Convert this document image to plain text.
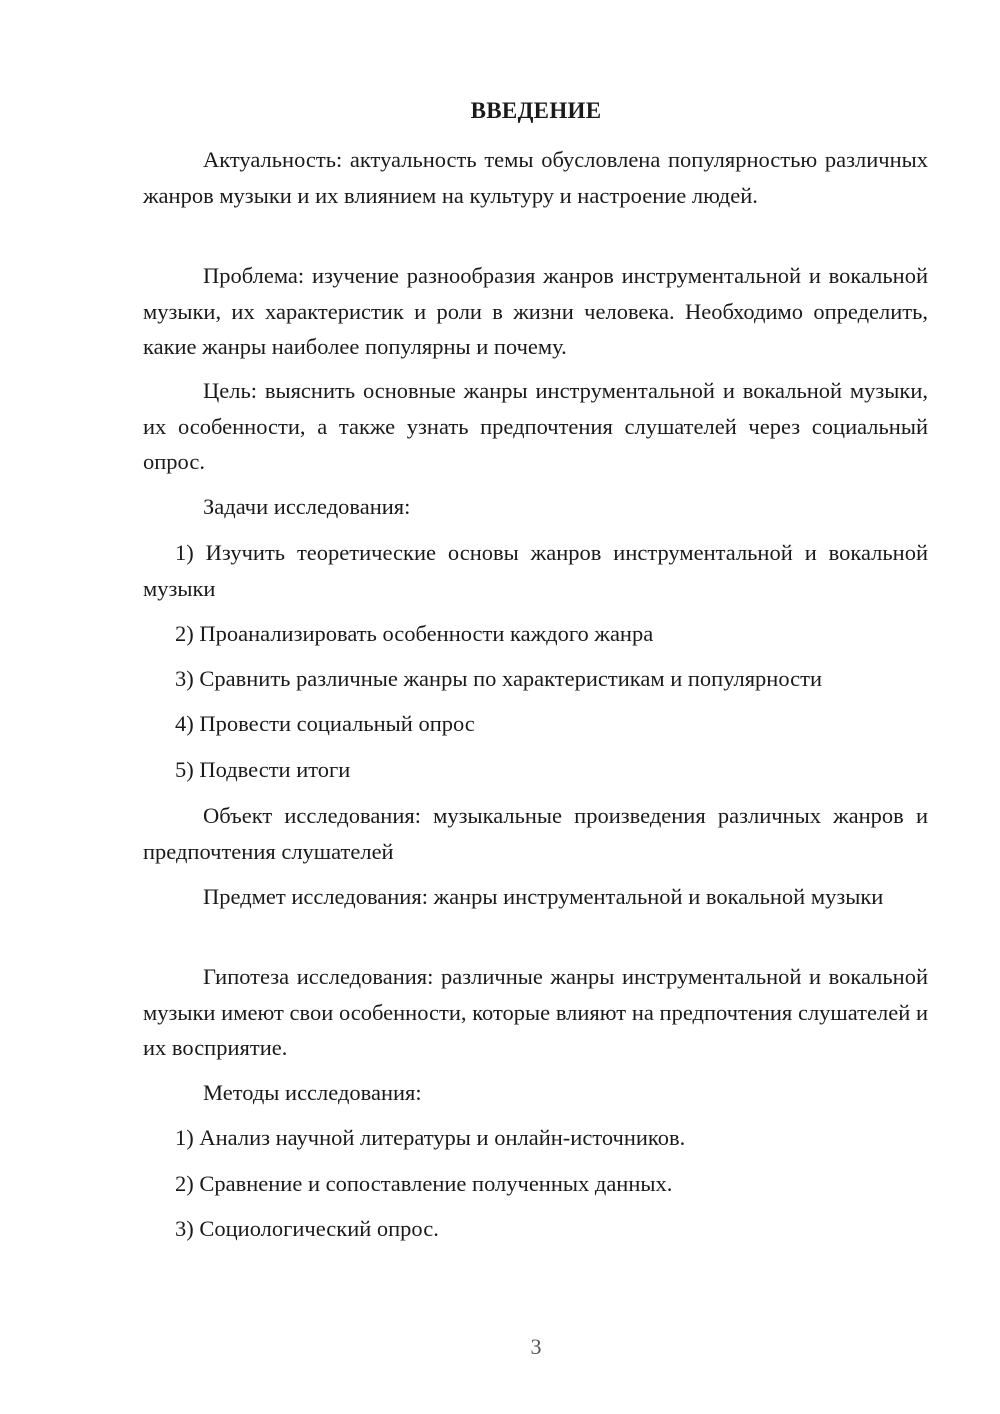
ВВЕДЕНИЕ

Актуальность: актуальность темы обусловлена популярностью различных жанров музыки и их влиянием на культуру и настроение людей.

Проблема: изучение разнообразия жанров инструментальной и вокальной музыки, их характеристик и роли в жизни человека. Необходимо определить, какие жанры наиболее популярны и почему.

Цель: выяснить основные жанры инструментальной и вокальной музыки, их особенности, а также узнать предпочтения слушателей через социальный опрос.

Задачи исследования:

1) Изучить теоретические основы жанров инструментальной и вокальной музыки

2) Проанализировать особенности каждого жанра

3) Сравнить различные жанры по характеристикам и популярности

4) Провести социальный опрос

5) Подвести итоги

Объект исследования: музыкальные произведения различных жанров и предпочтения слушателей

Предмет исследования: жанры инструментальной и вокальной музыки

Гипотеза исследования: различные жанры инструментальной и вокальной музыки имеют свои особенности, которые влияют на предпочтения слушателей и их восприятие.

Методы исследования:

1) Анализ научной литературы и онлайн-источников.

2) Сравнение и сопоставление полученных данных.

3) Социологический опрос.

3
